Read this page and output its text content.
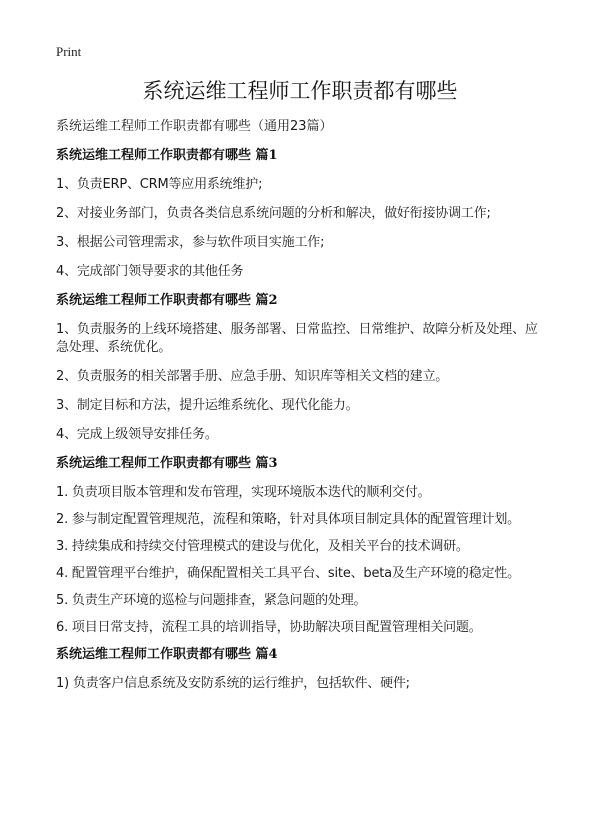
Print
系统运维工程师工作职责都有哪些
系统运维工程师工作职责都有哪些（通用23篇）
系统运维工程师工作职责都有哪些 篇1
1、负责ERP、CRM等应用系统维护;
2、对接业务部门，负责各类信息系统问题的分析和解决，做好衔接协调工作;
3、根据公司管理需求，参与软件项目实施工作;
4、完成部门领导要求的其他任务
系统运维工程师工作职责都有哪些 篇2
1、负责服务的上线环境搭建、服务部署、日常监控、日常维护、故障分析及处理、应急处理、系统优化。
2、负责服务的相关部署手册、应急手册、知识库等相关文档的建立。
3、制定目标和方法，提升运维系统化、现代化能力。
4、完成上级领导安排任务。
系统运维工程师工作职责都有哪些 篇3
1. 负责项目版本管理和发布管理，实现环境版本迭代的顺利交付。
2. 参与制定配置管理规范，流程和策略，针对具体项目制定具体的配置管理计划。
3. 持续集成和持续交付管理模式的建设与优化，及相关平台的技术调研。
4. 配置管理平台维护，确保配置相关工具平台、site、beta及生产环境的稳定性。
5. 负责生产环境的巡检与问题排查，紧急问题的处理。
6. 项目日常支持，流程工具的培训指导，协助解决项目配置管理相关问题。
系统运维工程师工作职责都有哪些 篇4
1) 负责客户信息系统及安防系统的运行维护，包括软件、硬件;
